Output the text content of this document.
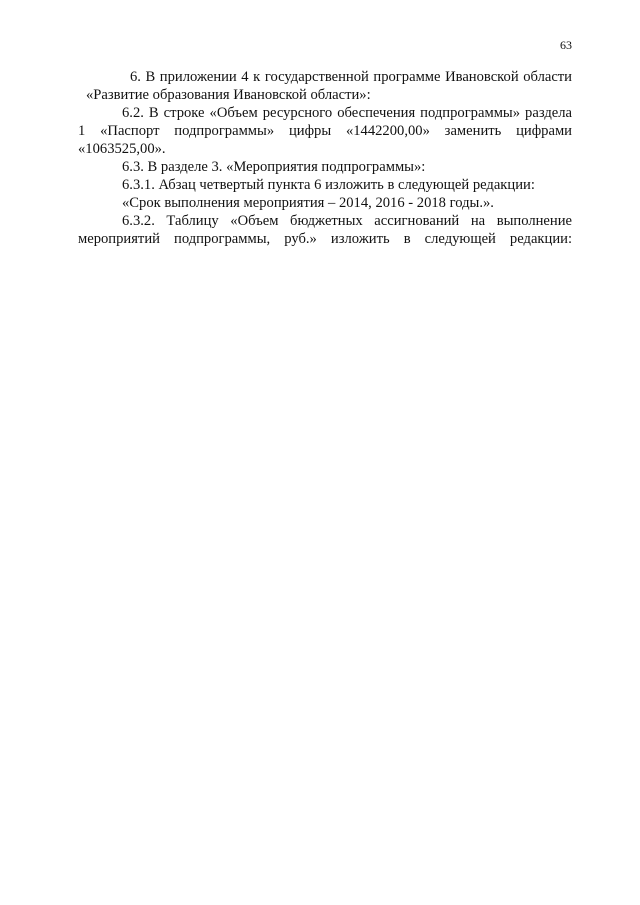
63

6. В приложении 4 к государственной программе Ивановской области «Развитие образования Ивановской области»:

6.2. В строке «Объем ресурсного обеспечения подпрограммы» раздела 1 «Паспорт подпрограммы» цифры «1442200,00» заменить цифрами «1063525,00».

6.3. В разделе 3. «Мероприятия подпрограммы»:

6.3.1. Абзац четвертый пункта 6 изложить в следующей редакции:

«Срок выполнения мероприятия – 2014, 2016 - 2018 годы.».

6.3.2. Таблицу «Объем бюджетных ассигнований на выполнение мероприятий подпрограммы, руб.» изложить в следующей редакции:
